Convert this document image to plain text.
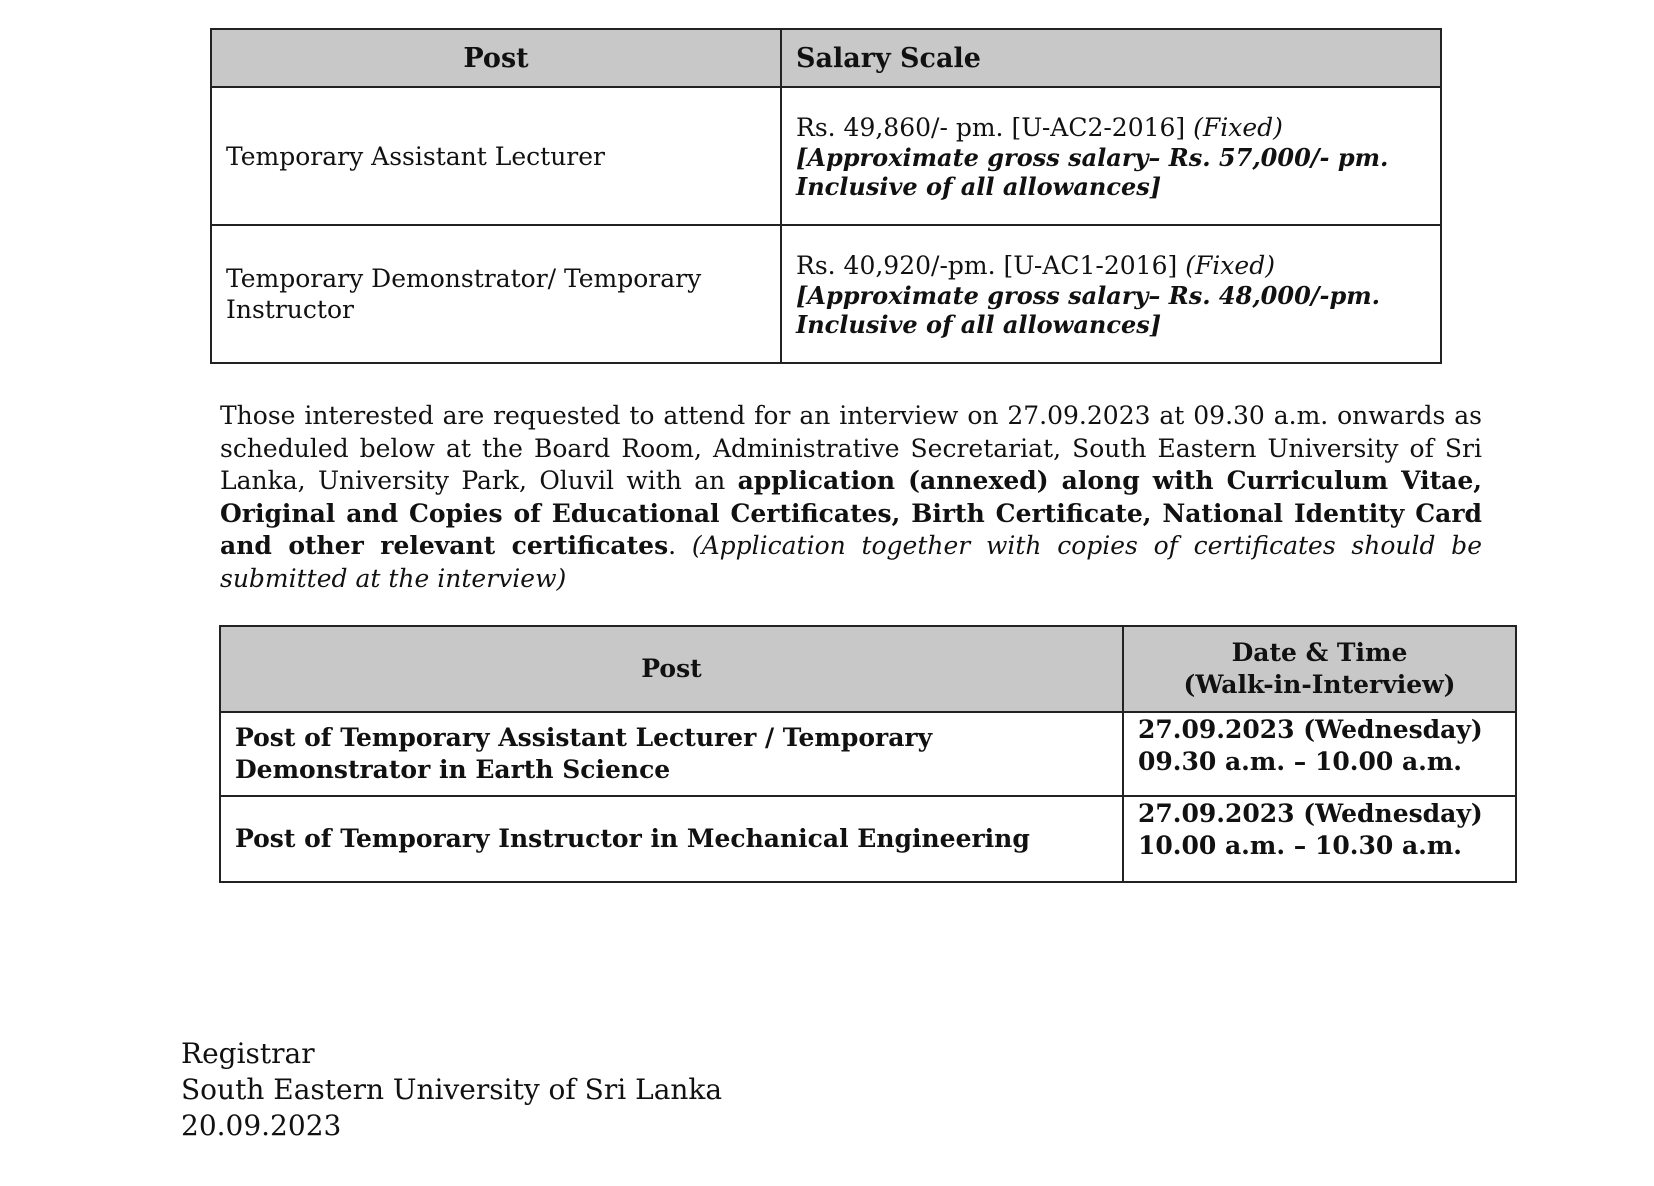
Post	Salary Scale
Temporary Assistant Lecturer	Rs. 49,860/- pm. [U-AC2-2016] (Fixed)
[Approximate gross salary– Rs. 57,000/- pm. Inclusive of all allowances]

Temporary Demonstrator/ Temporary Instructor	Rs. 40,920/-pm. [U-AC1-2016] (Fixed)
[Approximate gross salary– Rs. 48,000/-pm. Inclusive of all allowances]

Those interested are requested to attend for an interview on 27.09.2023 at 09.30 a.m. onwards as scheduled below at the Board Room, Administrative Secretariat, South Eastern University of Sri Lanka, University Park, Oluvil with an application (annexed) along with Curriculum Vitae, Original and Copies of Educational Certificates, Birth Certificate, National Identity Card and other relevant certificates. (Application together with copies of certificates should be submitted at the interview)

Post	Date & Time
(Walk-in-Interview)

Post of Temporary Assistant Lecturer / Temporary Demonstrator in Earth Science	27.09.2023 (Wednesday)
09.30 a.m. – 10.00 a.m.

Post of Temporary Instructor in Mechanical Engineering	27.09.2023 (Wednesday)
10.00 a.m. – 10.30 a.m.
Registrar
South Eastern University of Sri Lanka
20.09.2023
